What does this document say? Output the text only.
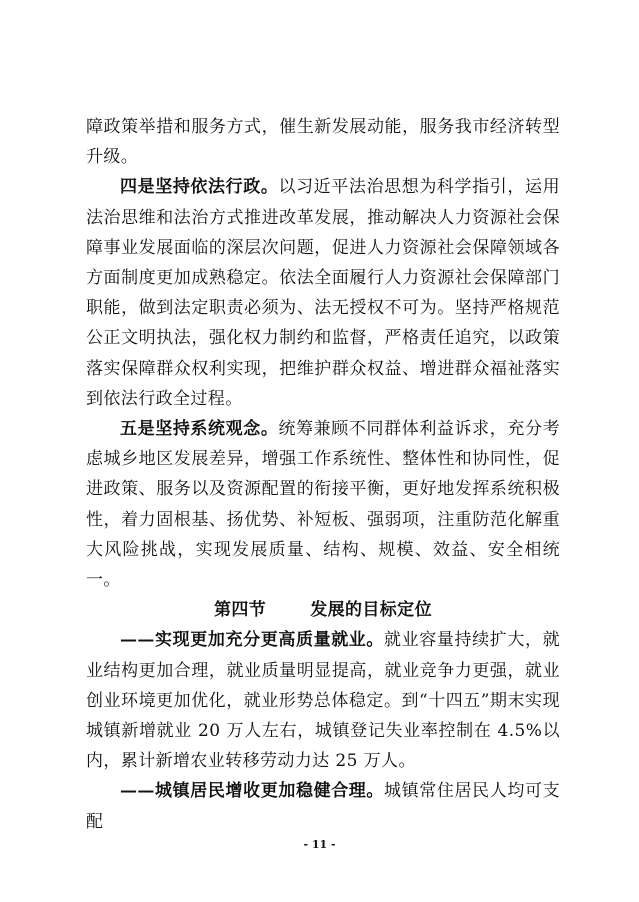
障政策举措和服务方式，催生新发展动能，服务我市经济转型升级。

四是坚持依法行政。以习近平法治思想为科学指引，运用法治思维和法治方式推进改革发展，推动解决人力资源社会保障事业发展面临的深层次问题，促进人力资源社会保障领域各方面制度更加成熟稳定。依法全面履行人力资源社会保障部门职能，做到法定职责必须为、法无授权不可为。坚持严格规范公正文明执法，强化权力制约和监督，严格责任追究，以政策落实保障群众权利实现，把维护群众权益、增进群众福祉落实到依法行政全过程。

五是坚持系统观念。统筹兼顾不同群体利益诉求，充分考虑城乡地区发展差异，增强工作系统性、整体性和协同性，促进政策、服务以及资源配置的衔接平衡，更好地发挥系统积极性，着力固根基、扬优势、补短板、强弱项，注重防范化解重大风险挑战，实现发展质量、结构、规模、效益、安全相统一。

第四节	发展的目标定位

——实现更加充分更高质量就业。就业容量持续扩大，就业结构更加合理，就业质量明显提高，就业竞争力更强，就业创业环境更加优化，就业形势总体稳定。到“十四五”期末实现城镇新增就业 20 万人左右，城镇登记失业率控制在 4.5%以内，累计新增农业转移劳动力达 25 万人。

——城镇居民增收更加稳健合理。城镇常住居民人均可支配

- 11 -
